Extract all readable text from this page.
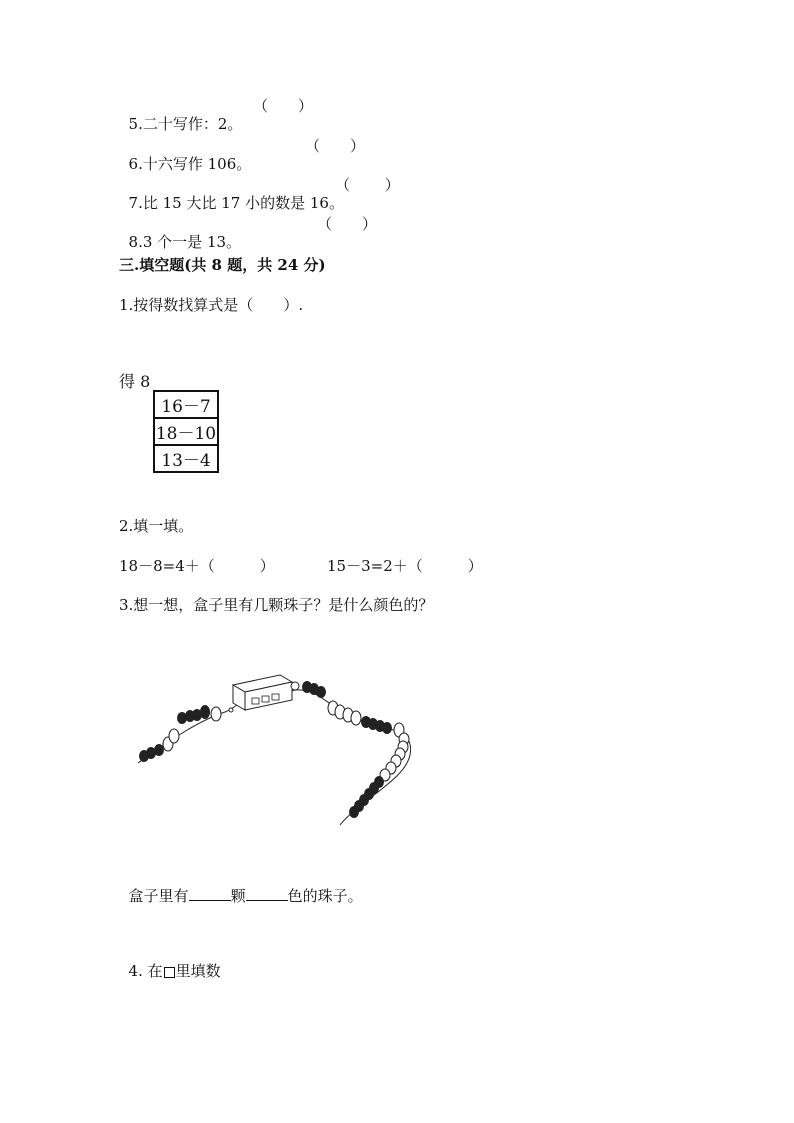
5.二十写作：2。

（　　）

6.十六写作 106。

（　　）

7.比 15 大比 17 小的数是 16。

（　　 ）

8.3 个一是 13。

（　　）
三.填空题(共 8 题，共 24 分)
1.按得数找算式是（　　）.
得 8
16－7
18－10
13－4
2.填一填。
18－8=4＋（　　　）	15－3=2＋（　　　）
3.想一想，盒子里有几颗珠子？是什么颜色的？

盒子里有	颗	色的珠子。

4. 在 里填数
